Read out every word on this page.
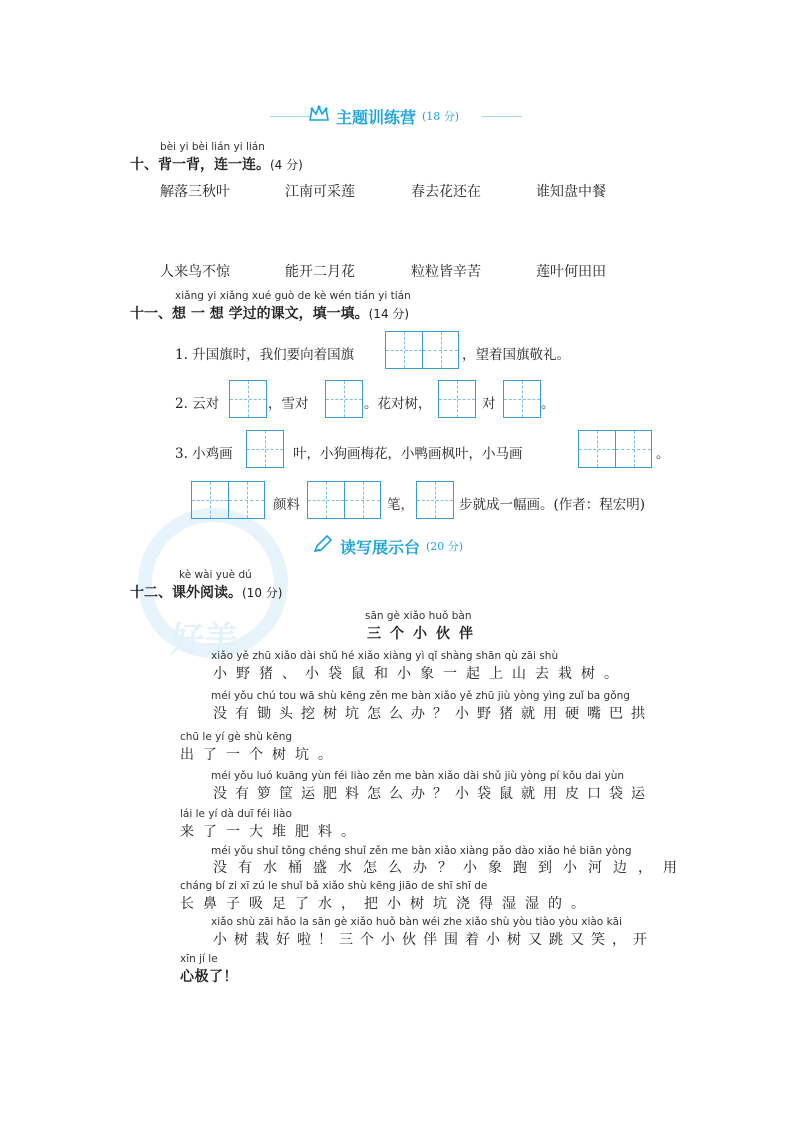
好美
主题训练营 (18 分)
bèi yi bèi lián yi lián
十、背一背，连一连。(4 分)
解落三秋叶	江南可采莲	春去花还在	谁知盘中餐
人来鸟不惊	能开二月花	粒粒皆辛苦	莲叶何田田
xiǎng yi xiǎng xué guò de kè wén tián yi tián
十一、想 一 想 学过的课文，填一填。(14 分)
1. 升国旗时，我们要向着国旗	，望着国旗敬礼。
2. 云对	，雪对	。花对树，	对	。
3. 小鸡画	叶，小狗画梅花，小鸭画枫叶，小马画	。
颜料	笔，	步就成一幅画。(作者：程宏明)
读写展示台 (20 分)
kè wài yuè dú
十二、课外阅读。(10 分)
sān gè xiǎo huǒ bàn
三个小伙伴
xiǎo yě zhū xiǎo dài shǔ hé xiǎo xiàng yì qǐ shàng shān qù zāi shù
小野猪、小袋鼠和小象一起上山去栽树。
méi yǒu chú tou wā shù kēng zěn me bàn xiǎo yě zhū jiù yòng yìng zuǐ ba gǒng
没有锄头挖树坑怎么办？小野猪就用硬嘴巴拱
chū le yí gè shù kēng
出了一个树坑。
méi yǒu luó kuāng yùn féi liào zěn me bàn xiǎo dài shǔ jiù yòng pí kǒu dai yùn
没有箩筐运肥料怎么办？小袋鼠就用皮口袋运
lái le yí dà duī féi liào
来了一大堆肥料。
méi yǒu shuǐ tǒng chéng shuǐ zěn me bàn xiǎo xiàng pǎo dào xiǎo hé biān yòng
没有水桶盛水怎么办？小象跑到小河边，用
cháng bí zi xī zú le shuǐ bǎ xiǎo shù kēng jiāo de shī shī de
长鼻子吸足了水，把小树坑浇得湿湿的。
xiǎo shù zāi hǎo la sān gè xiǎo huǒ bàn wéi zhe xiǎo shù yòu tiào yòu xiào kāi
小树栽好啦！三个小伙伴围着小树又跳又笑，开
xīn jí le
心极了！
